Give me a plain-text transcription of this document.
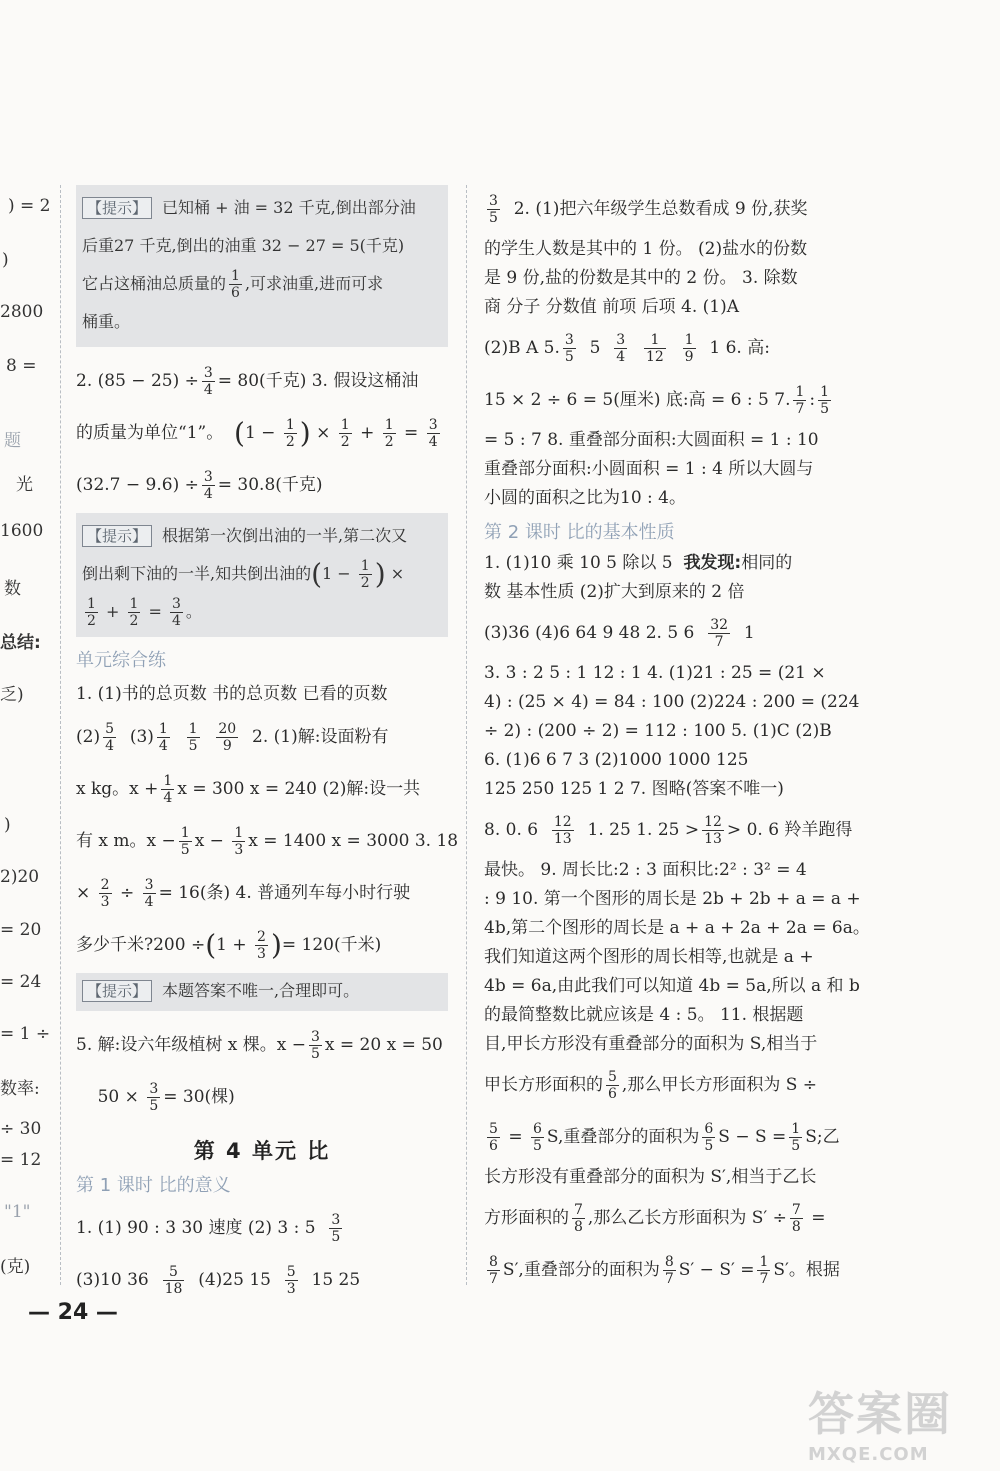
) = 2
)
2800
8 =
题
光
1600
数
总结:
乏)
)
2)20
= 20
= 24
= 1 ÷
数率:
÷ 30
= 12
"1"
(克)
【提示】 已知桶 + 油 = 32 千克,倒出部分油
后重27 千克,倒出的油重 32 − 27 = 5(千克)
它占这桶油总质量的 $\frac{1}{6}$ ,可求油重,进而可求
桶重。
2. $(85 - 25) \div \frac{3}{4} = 80$(千克) 3. 假设这桶油
的质量为单位“1”。 ($1 - \frac{1}{2}$ ) × $\frac{1}{2} + \frac{1}{2} = \frac{3}{4}$
$(32.7 - 9.6) \div \frac{3}{4} = 30.8$(千克)
【提示】 根据第一次倒出油的一半,第二次又
倒出剩下油的一半,知共倒出油的($1 - \frac{1}{2}$ ) ×
$\frac{1}{2} + \frac{1}{2} = \frac{3}{4}$ 。
单元综合练
1. (1)书的总页数 书的总页数 已看的页数
$(2) \frac{5}{4} (3) \frac{1}{4}$
$\frac{1}{5}$
$\frac{20}{9} 2$. (1)解:设面粉有
x kg。$x + \frac{1}{4}$ x = 300 x = 240 (2)解:设一共
有 x m。$x - \frac{1}{5}$ $x - \frac{1}{3}$ x = 1400 x = 3000 3. 18
× $\frac{2}{3} \div \frac{3}{4} = 16$(条) 4. 普通列车每小时行驶
多少千米?200 $\div(1 + \frac{2}{3}$ )= 120(千米)
【提示】 本题答案不唯一,合理即可。
5. 解:设六年级植树 x 棵。$x - \frac{3}{5}$ x = 20 x = 50
$50 \times \frac{3}{5} = 30$(棵)
第 4 单元 比
第 1 课时 比的意义
1. (1) 90 : 3 30 速度 (2) 3 : $5 \frac{3}{5}$
(3)10 $36 \frac{5}{18} (4)25$ $15 \frac{5}{3} 15$ 25
$\frac{3}{5} 2$. (1)把六年级学生总数看成 9 份,获奖
的学生人数是其中的 1 份。 (2)盐水的份数
是 9 份,盐的份数是其中的 2 份。 3. 除数
商 分子 分数值 前项 后项 4. (1)A
(2)B A 5. $\frac{3}{5} 5 \frac{3}{4}$
$\frac{1}{12}$
$\frac{1}{9} 1$ 6. 高:
15 × 2 ÷ 6 = 5(厘米) 底:高 = 6 : 5 7. $\frac{1}{7}$ : $\frac{1}{5}$
= 5 : 7 8. 重叠部分面积:大圆面积 = 1 : 10
重叠部分面积:小圆面积 = 1 : 4 所以大圆与
小圆的面积之比为10 : 4。
第 2 课时 比的基本性质
1. (1)10 乘 10 5 除以 5 我发现:相同的
数 基本性质 (2)扩大到原来的 2 倍
(3)36 (4)6 64 9 48 2. 5 $6 \frac{32}{7} 1$
3. 3 : 2 5 : 1 12 : 1 4. (1)21 : 25 = (21 ×
4) : (25 × 4) = 84 : 100 (2)224 : 200 = (224
÷ 2) : (200 ÷ 2) = 112 : 100 5. (1)C (2)B
6. (1)6 6 7 3 (2)1000 1000 125
125 250 125 1 2 7. 图略(答案不唯一)
8. 0. $6 \frac{12}{13} 1$. 25 1. $25 > \frac{12}{13} > 0$. 6 羚羊跑得
最快。 9. 周长比:2 : 3 面积比:2² : 3² = 4
: 9 10. 第一个图形的周长是 2b + 2b + a = a +
4b,第二个图形的周长是 a + a + 2a + 2a = 6a。
我们知道这两个图形的周长相等,也就是 a +
4b = 6a,由此我们可以知道 4b = 5a,所以 a 和 b
的最简整数比就应该是 4 : 5。 11. 根据题
目,甲长方形没有重叠部分的面积为 S,相当于
甲长方形面积的 $\frac{5}{6}$ ,那么甲长方形面积为 S ÷
$\frac{5}{6} = \frac{6}{5} S$,重叠部分的面积为 $\frac{6}{5}$ $S - S = \frac{1}{5} S$;乙
长方形没有重叠部分的面积为 S′,相当于乙长
方形面积的 $\frac{7}{8}$ ,那么乙长方形面积为 $S' \div \frac{7}{8}$ =
$\frac{8}{7} S'$,重叠部分的面积为 $\frac{8}{7} S' - S' = \frac{1}{7} S'$。根据
— 24 —
答案圈
MXQE.COM
